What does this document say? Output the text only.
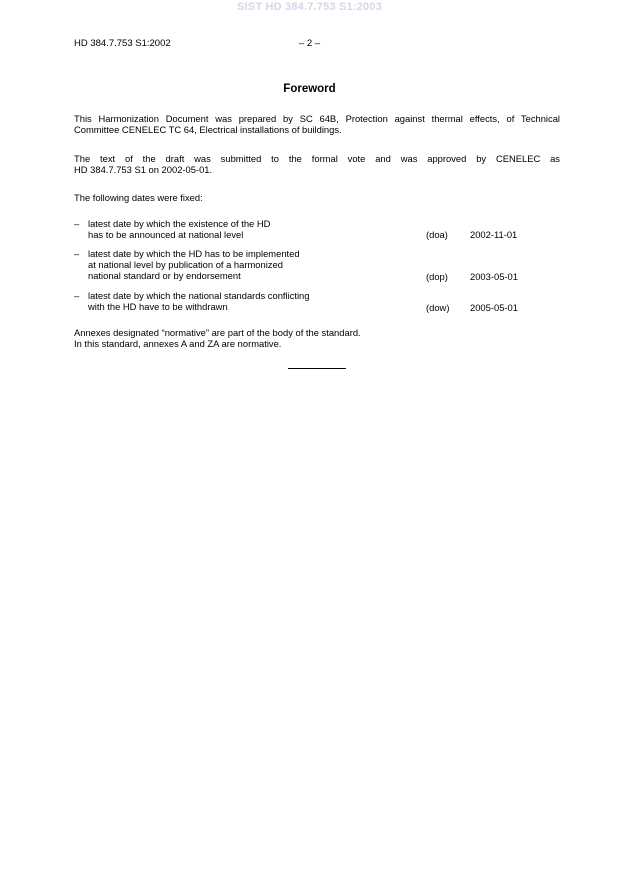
SIST HD 384.7.753 S1:2003
HD 384.7.753 S1:2002	– 2 –
Foreword

This Harmonization Document was prepared by SC 64B, Protection against thermal effects, of Technical
Committee CENELEC TC 64, Electrical installations of buildings.

The text of the draft was submitted to the formal vote and was approved by CENELEC as
HD 384.7.753 S1 on 2002-05-01.

The following dates were fixed:

– latest date by which the existence of the HD
has to be announced at national level	(doa) 2002-11-01
– latest date by which the HD has to be implemented
at national level by publication of a harmonized
national standard or by endorsement	(dop) 2003-05-01
– latest date by which the national standards conflicting
with the HD have to be withdrawn	(dow) 2005-05-01

Annexes designated “normative” are part of the body of the standard.
In this standard, annexes A and ZA are normative.
